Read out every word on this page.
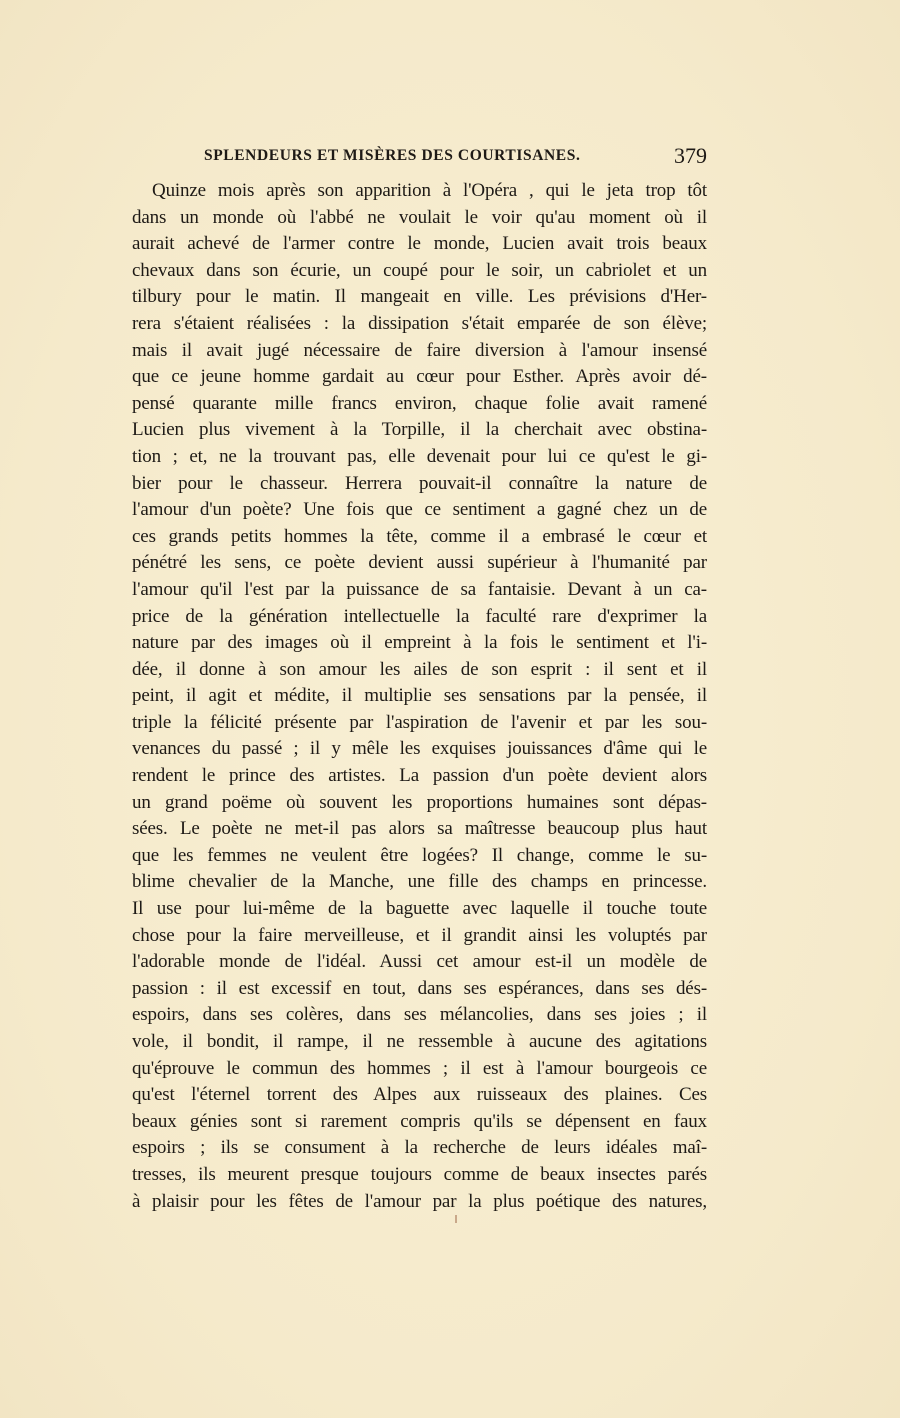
SPLENDEURS ET MISÈRES DES COURTISANES.	379
Quinze mois après son apparition à l'Opéra , qui le jeta trop tôt
dans un monde où l'abbé ne voulait le voir qu'au moment où il
aurait achevé de l'armer contre le monde, Lucien avait trois beaux
chevaux dans son écurie, un coupé pour le soir, un cabriolet et un
tilbury pour le matin. Il mangeait en ville. Les prévisions d'Her-
rera s'étaient réalisées : la dissipation s'était emparée de son élève;
mais il avait jugé nécessaire de faire diversion à l'amour insensé
que ce jeune homme gardait au cœur pour Esther. Après avoir dé-
pensé quarante mille francs environ, chaque folie avait ramené
Lucien plus vivement à la Torpille, il la cherchait avec obstina-
tion ; et, ne la trouvant pas, elle devenait pour lui ce qu'est le gi-
bier pour le chasseur. Herrera pouvait-il connaître la nature de
l'amour d'un poète? Une fois que ce sentiment a gagné chez un de
ces grands petits hommes la tête, comme il a embrasé le cœur et
pénétré les sens, ce poète devient aussi supérieur à l'humanité par
l'amour qu'il l'est par la puissance de sa fantaisie. Devant à un ca-
price de la génération intellectuelle la faculté rare d'exprimer la
nature par des images où il empreint à la fois le sentiment et l'i-
dée, il donne à son amour les ailes de son esprit : il sent et il
peint, il agit et médite, il multiplie ses sensations par la pensée, il
triple la félicité présente par l'aspiration de l'avenir et par les sou-
venances du passé ; il y mêle les exquises jouissances d'âme qui le
rendent le prince des artistes. La passion d'un poète devient alors
un grand poëme où souvent les proportions humaines sont dépas-
sées. Le poète ne met-il pas alors sa maîtresse beaucoup plus haut
que les femmes ne veulent être logées? Il change, comme le su-
blime chevalier de la Manche, une fille des champs en princesse.
Il use pour lui-même de la baguette avec laquelle il touche toute
chose pour la faire merveilleuse, et il grandit ainsi les voluptés par
l'adorable monde de l'idéal. Aussi cet amour est-il un modèle de
passion : il est excessif en tout, dans ses espérances, dans ses dés-
espoirs, dans ses colères, dans ses mélancolies, dans ses joies ; il
vole, il bondit, il rampe, il ne ressemble à aucune des agitations
qu'éprouve le commun des hommes ; il est à l'amour bourgeois ce
qu'est l'éternel torrent des Alpes aux ruisseaux des plaines. Ces
beaux génies sont si rarement compris qu'ils se dépensent en faux
espoirs ; ils se consument à la recherche de leurs idéales maî-
tresses, ils meurent presque toujours comme de beaux insectes parés
à plaisir pour les fêtes de l'amour par la plus poétique des natures,
